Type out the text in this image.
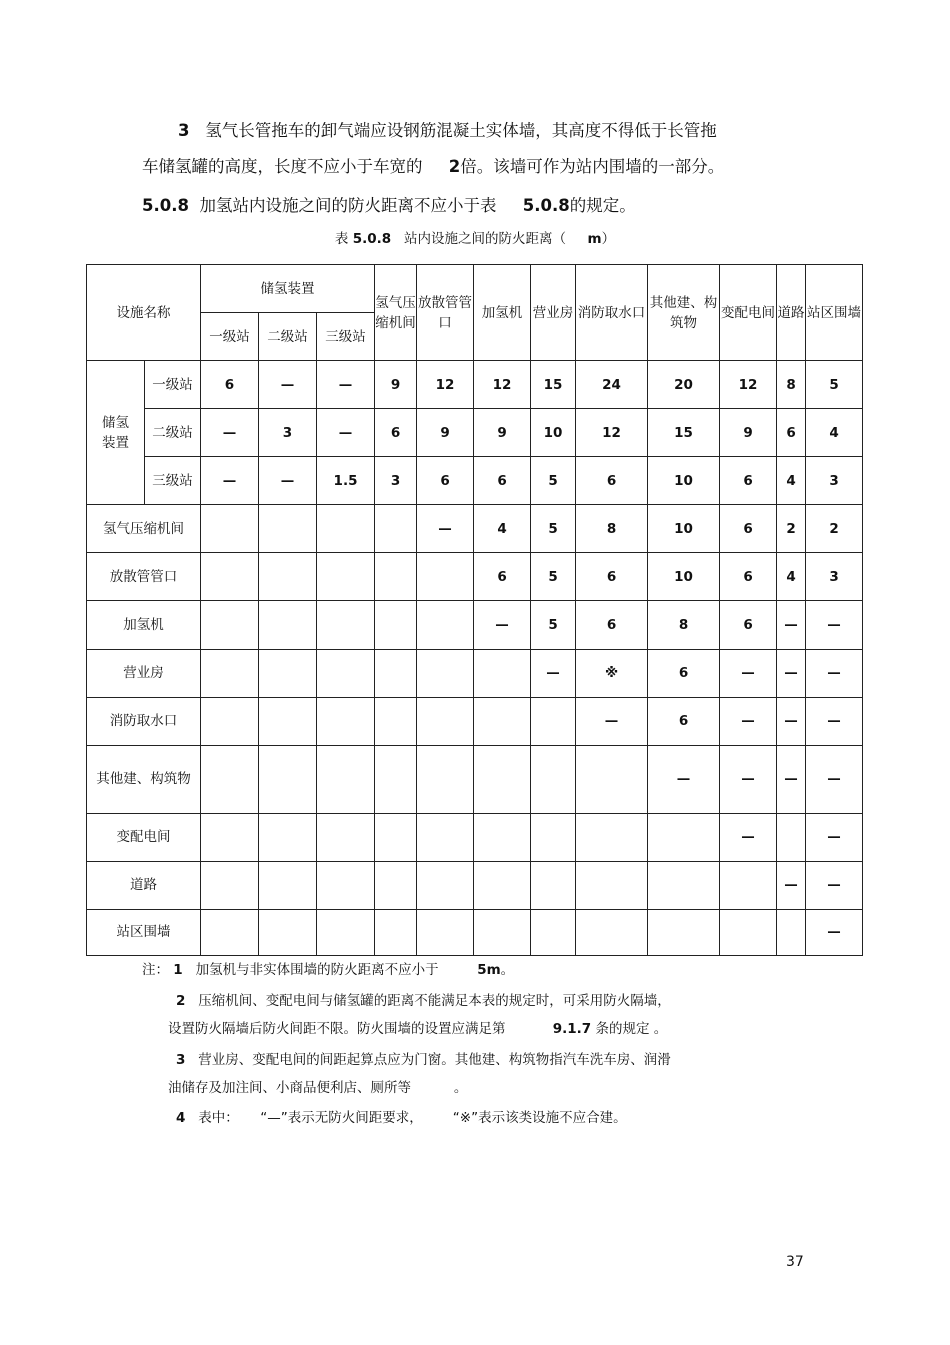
3 氢气长管拖车的卸气端应设钢筋混凝土实体墙，其高度不得低于长管拖
车储氢罐的高度，长度不应小于车宽的 2倍。该墙可作为站内围墙的一部分。
5.0.8 加氢站内设施之间的防火距离不应小于表 5.0.8的规定。
表 5.0.8 站内设施之间的防火距离（ m）
设施名称		储氢装置			氢气压缩机间	放散管管口	加氢机	营业房	消防取水口	其他建、构筑物	变配电间	道路	站区围墙
		一级站	二级站	三级站									
储氢装置	一级站	6	—	—	9	12	12	15	24	20	12	8	5
	二级站	—	3	—	6	9	9	10	12	15	9	6	4
	三级站	—	—	1.5	3	6	6	5	6	10	6	4	3
氢气压缩机间						—	4	5	8	10	6	2	2
放散管管口							6	5	6	10	6	4	3
加氢机							—	5	6	8	6	—	—
营业房								—	※	6	—	—	—
消防取水口									—	6	—	—	—
其他建、构筑物										—	—	—	—
变配电间											—		—
道路												—	—
站区围墙													—
注： 1 加氢机与非实体围墙的防火距离不应小于	5m。
2 压缩机间、变配电间与储氢罐的距离不能满足本表的规定时，可采用防火隔墙，
设置防火隔墙后防火间距不限。防火围墙的设置应满足第	9.1.7 条的规定 。
3 营业房、变配电间的间距起算点应为门窗。其他建、构筑物指汽车洗车房、润滑
油储存及加注间、小商品便利店、厕所等	。
4 表中： “—”表示无防火间距要求， “※”表示该类设施不应合建。
37
